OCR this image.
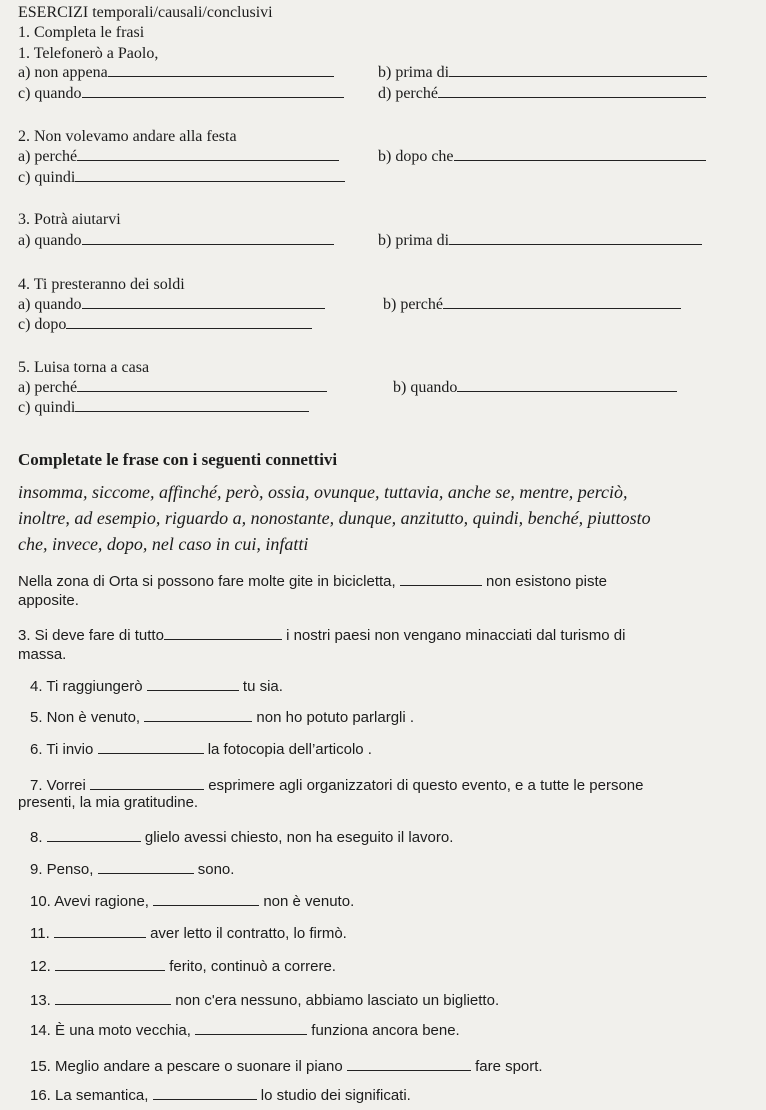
ESERCIZI temporali/causali/conclusivi
1. Completa le frasi
1. Telefonerò a Paolo,
a) non appena	b) prima di
c) quando	d) perché
2. Non volevamo andare alla festa
a) perché	b) dopo che
c) quindi
3. Potrà aiutarvi
a) quando	b) prima di
4. Ti presteranno dei soldi
a) quando	b) perché
c) dopo
5. Luisa torna a casa
a) perché	b) quando
c) quindi
Completate le frase con i seguenti connettivi
insomma, siccome, affinché, però, ossia, ovunque, tuttavia, anche se, mentre, perciò,
inoltre, ad esempio, riguardo a, nonostante, dunque, anzitutto, quindi, benché, piuttosto
che, invece, dopo, nel caso in cui, infatti
Nella zona di Orta si possono fare molte gite in bicicletta,	non esistono piste
apposite.
3. Si deve fare di tutto	i nostri paesi non vengano minacciati dal turismo di
massa.
4. Ti raggiungerò	tu sia.
5. Non è venuto,	non ho potuto parlargli .
6. Ti invio	la fotocopia dell’articolo .
7. Vorrei	esprimere agli organizzatori di questo evento, e a tutte le persone
presenti, la mia gratitudine.
8.	glielo avessi chiesto, non ha eseguito il lavoro.
9. Penso,	sono.
10. Avevi ragione,	non è venuto.
11.	aver letto il contratto, lo firmò.
12.	ferito, continuò a correre.
13.	non c'era nessuno, abbiamo lasciato un biglietto.
14. È una moto vecchia,	funziona ancora bene.
15. Meglio andare a pescare o suonare il piano	fare sport.
16. La semantica,	lo studio dei significati.
